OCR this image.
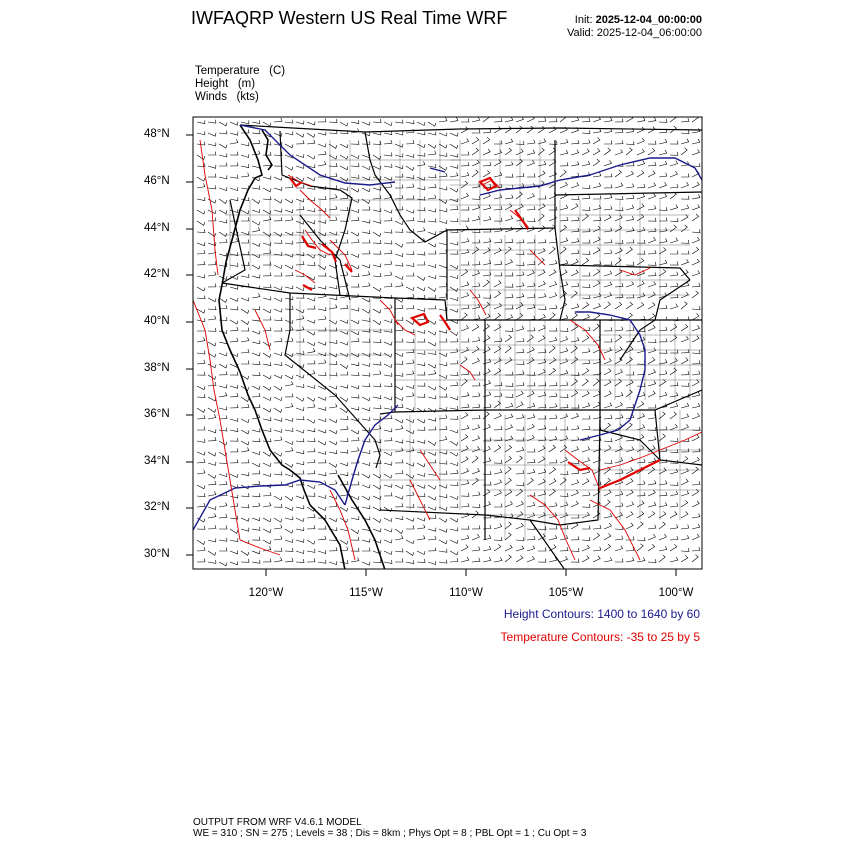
IWFAQRP Western US Real Time WRF	Init: 2025-12-04_00:00:00
Valid: 2025-12-04_06:00:00
Temperature   (C)
Height   (m)
Winds   (kts)
48°N
46°N
44°N
42°N
40°N
38°N
36°N
34°N
32°N
30°N
120°W	115°W	110°W	105°W	100°W
Height Contours: 1400 to 1640 by 60
Temperature Contours: -35 to 25 by 5
OUTPUT FROM WRF V4.6.1 MODEL
WE = 310 ; SN = 275 ; Levels = 38 ; Dis = 8km ; Phys Opt = 8 ; PBL Opt = 1 ; Cu Opt = 3
